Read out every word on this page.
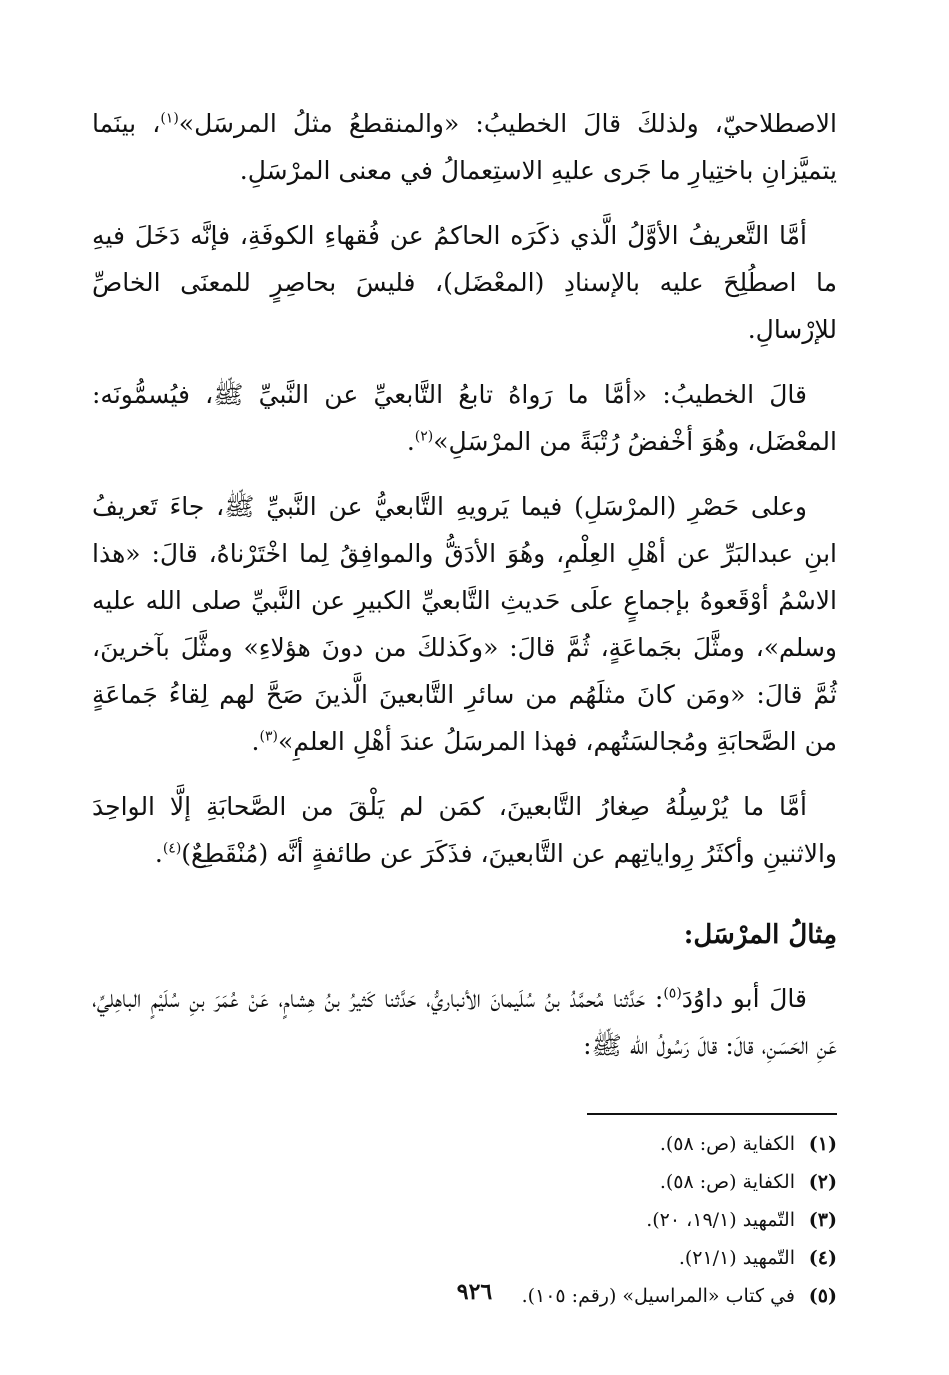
الاصطلاحيّ، ولذلكَ قالَ الخطيبُ: «والمنقطعُ مثلُ المرسَل»$^{(١)}$، بينَما يتميَّزانِ باختِيارِ ما جَرى عليهِ الاستِعمالُ في معنى المرْسَلِ.

أمَّا التَّعريفُ الأوَّلُ الَّذي ذكَرَه الحاكمُ عن فُقهاءِ الكوفَةِ، فإنَّه دَخَلَ فيهِ ما اصطُلِحَ عليه بالإسنادِ (المعْضَل)، فليسَ بحاصِرٍ للمعنَى الخاصِّ للإرْسالِ.

قالَ الخطيبُ: «أمَّا ما رَواهُ تابعُ التَّابعيِّ عن النَّبيِّ ﷺ، فيُسمُّونَه: المعْضَل، وهُوَ أخْفضُ رُتْبَةً من المرْسَلِ»$^{(٢)}$.

وعلى حَصْرِ (المرْسَلِ) فيما يَرويهِ التَّابعيُّ عن النَّبيِّ ﷺ، جاءَ تَعريفُ ابنِ عبدالبَرِّ عن أهْلِ العِلْمِ، وهُوَ الأدَقُّ والموافِقُ لِما اخْتَرْناهُ، قالَ: «هذا الاسْمُ أوْقَعوهُ بإجماعٍ علَى حَديثِ التَّابعيِّ الكبيرِ عن النَّبيِّ صلى الله عليه وسلم»، ومثَّلَ بجَماعَةٍ، ثُمَّ قالَ: «وكَذلكَ من دونَ هؤلاءِ» ومثَّلَ بآخرينَ، ثُمَّ قالَ: «ومَن كانَ مثلَهُم من سائرِ التَّابعينَ الَّذينَ صَحَّ لهم لِقاءُ جَماعَةٍ من الصَّحابَةِ ومُجالسَتُهم، فهذا المرسَلُ عندَ أهْلِ العلمِ»$^{(٣)}$.

أمَّا ما يُرْسِلُهُ صِغارُ التَّابعينَ، كمَن لم يَلْقَ من الصَّحابَةِ إلَّا الواحِدَ والاثنينِ وأكثَرُ رِواياتِهم عن التَّابعينَ، فذَكَرَ عن طائفةٍ أنَّه (مُنْقَطِعٌ)$^{(٤)}$.

مِثالُ المرْسَل:

قالَ أبو داوُدَ$^{(٥)}$: حَدَّثنا مُحمَّدُ بنُ سُلَيمانَ الأنباريُّ، حَدَّثنا كَثيرُ بنُ هِشامٍ، عَنْ عُمَرَ بنِ سُلَيْمٍ الباهِليِّ، عَنِ الحَسَنِ، قالَ: قالَ رَسُولُ الله ﷺ:

(١)
الكفاية (ص: ٥٨).
(٢)
الكفاية (ص: ٥٨).
(٣)
التّمهيد (١٩/١، ٢٠).
(٤)
التّمهيد (٢١/١).
(٥)
في كتاب «المراسيل» (رقم: ١٠٥).
٩٢٦
